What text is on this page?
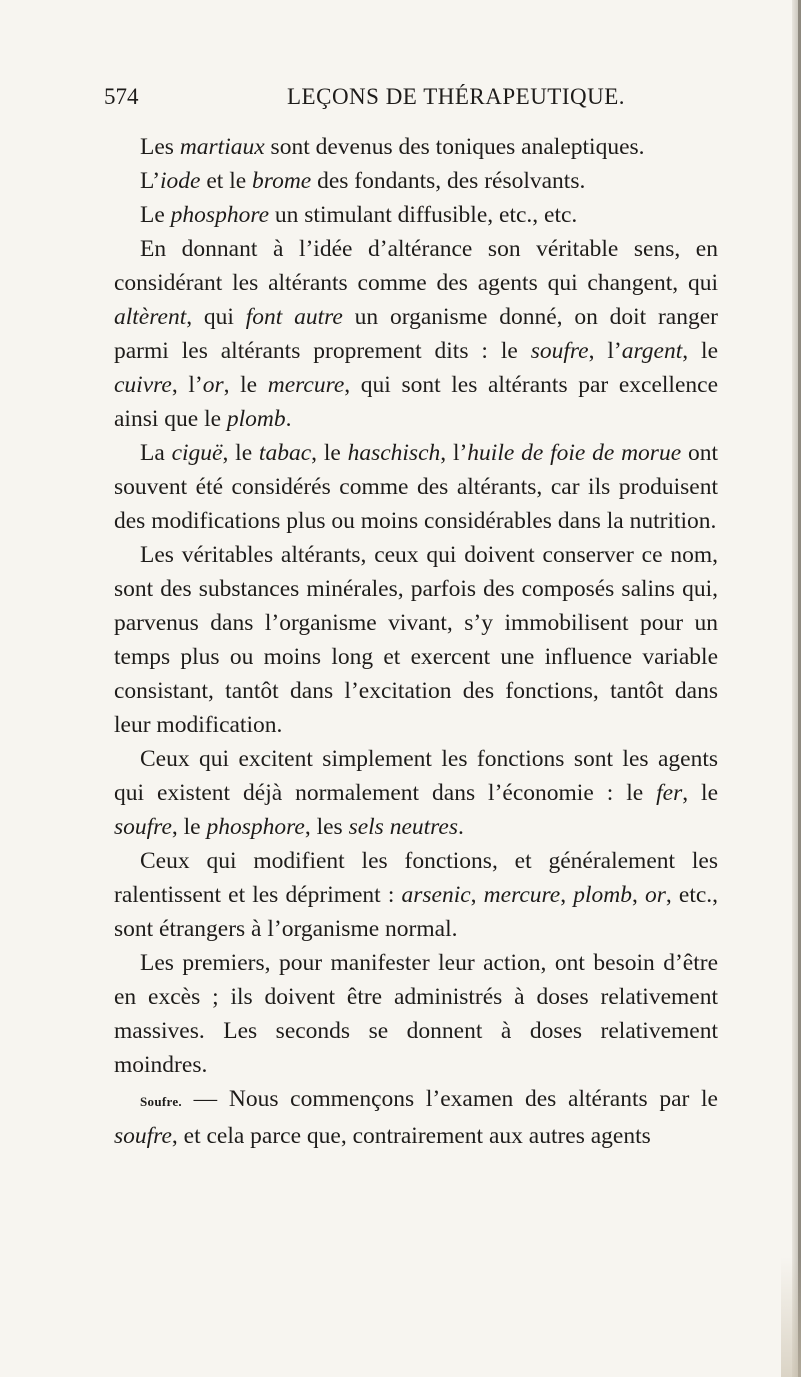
574	LEÇONS DE THÉRAPEUTIQUE.

Les martiaux sont devenus des toniques analeptiques.

L’iode et le brome des fondants, des résolvants.

Le phosphore un stimulant diffusible, etc., etc.

En donnant à l’idée d’altérance son véritable sens, en considérant les altérants comme des agents qui changent, qui altèrent, qui font autre un organisme donné, on doit ranger parmi les altérants proprement dits : le soufre, l’argent, le cuivre, l’or, le mercure, qui sont les altérants par excellence ainsi que le plomb.

La ciguë, le tabac, le haschisch, l’huile de foie de morue ont souvent été considérés comme des altérants, car ils produisent des modifications plus ou moins considérables dans la nutrition.

Les véritables altérants, ceux qui doivent conserver ce nom, sont des substances minérales, parfois des composés salins qui, parvenus dans l’organisme vivant, s’y immobilisent pour un temps plus ou moins long et exercent une influence variable consistant, tantôt dans l’excitation des fonctions, tantôt dans leur modification.

Ceux qui excitent simplement les fonctions sont les agents qui existent déjà normalement dans l’économie : le fer, le soufre, le phosphore, les sels neutres.

Ceux qui modifient les fonctions, et généralement les ralentissent et les dépriment : arsenic, mercure, plomb, or, etc., sont étrangers à l’organisme normal.

Les premiers, pour manifester leur action, ont besoin d’être en excès ; ils doivent être administrés à doses relativement massives. Les seconds se donnent à doses relativement moindres.

Soufre. — Nous commençons l’examen des altérants par le soufre, et cela parce que, contrairement aux autres agents
